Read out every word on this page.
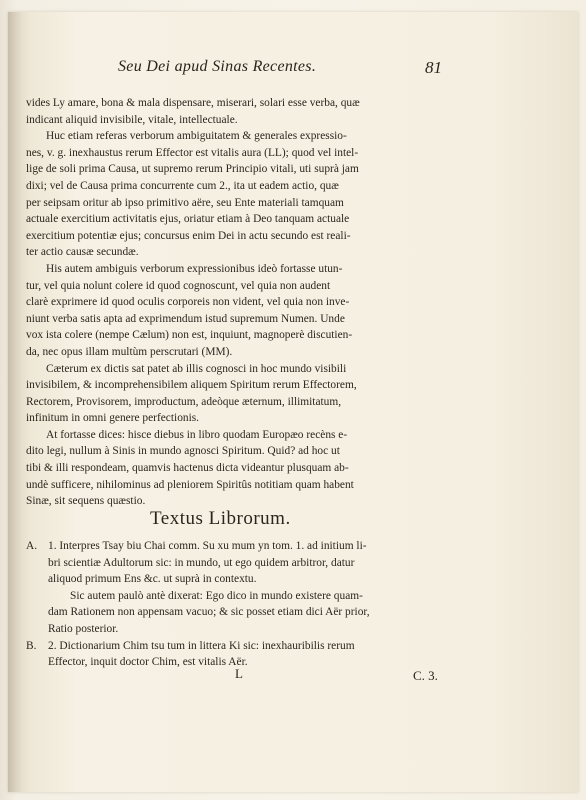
Seu Dei apud Sinas Recentes.	81
vides Ly amare, bona & mala dispensare, miserari, solari esse verba, quæ
indicant aliquid invisibile, vitale, intellectuale.
Huc etiam referas verborum ambiguitatem & generales expressio-
nes, v. g. inexhaustus rerum Effector est vitalis aura (LL); quod vel intel-
lige de soli prima Causa, ut supremo rerum Principio vitali, uti suprà jam
dixi; vel de Causa prima concurrente cum 2., ita ut eadem actio, quæ
per seipsam oritur ab ipso primitivo aëre, seu Ente materiali tamquam
actuale exercitium activitatis ejus, oriatur etiam à Deo tanquam actuale
exercitium potentiæ ejus; concursus enim Dei in actu secundo est reali-
ter actio causæ secundæ.
His autem ambiguis verborum expressionibus ideò fortasse utun-
tur, vel quia nolunt colere id quod cognoscunt, vel quia non audent
clarè exprimere id quod oculis corporeis non vident, vel quia non inve-
niunt verba satis apta ad exprimendum istud supremum Numen. Unde
vox ista colere (nempe Cælum) non est, inquiunt, magnoperè discutien-
da, nec opus illam multùm perscrutari (MM).
Cæterum ex dictis sat patet ab illis cognosci in hoc mundo visibili
invisibilem, & incomprehensibilem aliquem Spiritum rerum Effectorem,
Rectorem, Provisorem, improductum, adeòque æternum, illimitatum,
infinitum in omni genere perfectionis.
At fortasse dices: hisce diebus in libro quodam Europæo recèns e-
dito legi, nullum à Sinis in mundo agnosci Spiritum. Quid? ad hoc ut
tibi & illi respondeam, quamvis hactenus dicta videantur plusquam ab-
undè sufficere, nihilominus ad pleniorem Spiritûs notitiam quam habent
Sinæ, sit sequens quæstio.
Textus Librorum.
A. 1. Interpres Tsay biu Chai comm. Su xu mum yn tom. 1. ad initium li-
bri scientiæ Adultorum sic: in mundo, ut ego quidem arbitror, datur
aliquod primum Ens &c. ut suprà in contextu.
Sic autem paulò antè dixerat: Ego dico in mundo existere quam-
dam Rationem non appensam vacuo; & sic posset etiam dici Aër prior,
Ratio posterior.
B. 2. Dictionarium Chim tsu tum in littera Ki sic: inexhauribilis rerum
Effector, inquit doctor Chim, est vitalis Aër.
L	C. 3.
